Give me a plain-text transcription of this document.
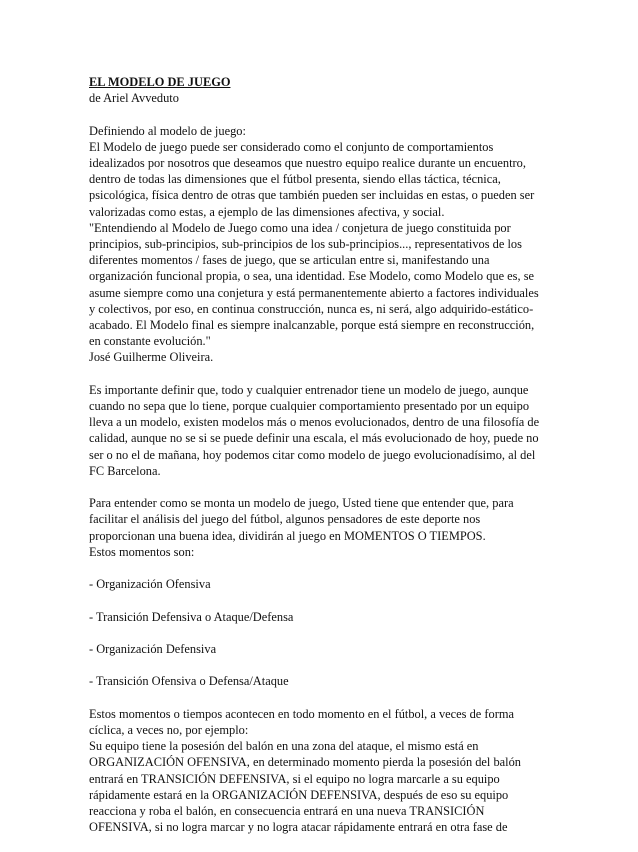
EL MODELO DE JUEGO
de Ariel Avveduto
Definiendo al modelo de juego:
El Modelo de juego puede ser considerado como el conjunto de comportamientos
idealizados por nosotros que deseamos que nuestro equipo realice durante un encuentro,
dentro de todas las dimensiones que el fútbol presenta, siendo ellas táctica, técnica,
psicológica, física dentro de otras que también pueden ser incluidas en estas, o pueden ser
valorizadas como estas, a ejemplo de las dimensiones afectiva, y social.
"Entendiendo al Modelo de Juego como una idea / conjetura de juego constituida por
principios, sub-principios, sub-principios de los sub-principios..., representativos de los
diferentes momentos / fases de juego, que se articulan entre si, manifestando una
organización funcional propia, o sea, una identidad. Ese Modelo, como Modelo que es, se
asume siempre como una conjetura y está permanentemente abierto a factores individuales
y colectivos, por eso, en continua construcción, nunca es, ni será, algo adquirido-estático-
acabado. El Modelo final es siempre inalcanzable, porque está siempre en reconstrucción,
en constante evolución."
José Guilherme Oliveira.
Es importante definir que, todo y cualquier entrenador tiene un modelo de juego, aunque
cuando no sepa que lo tiene, porque cualquier comportamiento presentado por un equipo
lleva a un modelo, existen modelos más o menos evolucionados, dentro de una filosofía de
calidad, aunque no se si se puede definir una escala, el más evolucionado de hoy, puede no
ser o no el de mañana, hoy podemos citar como modelo de juego evolucionadísimo, al del
FC Barcelona.
Para entender como se monta un modelo de juego, Usted tiene que entender que, para
facilitar el análisis del juego del fútbol, algunos pensadores de este deporte nos
proporcionan una buena idea, dividirán al juego en MOMENTOS O TIEMPOS.
Estos momentos son:
- Organización Ofensiva
- Transición Defensiva o Ataque/Defensa
- Organización Defensiva
- Transición Ofensiva o Defensa/Ataque
Estos momentos o tiempos acontecen en todo momento en el fútbol, a veces de forma
cíclica, a veces no, por ejemplo:
Su equipo tiene la posesión del balón en una zona del ataque, el mismo está en
ORGANIZACIÓN OFENSIVA, en determinado momento pierda la posesión del balón
entrará en TRANSICIÓN DEFENSIVA, si el equipo no logra marcarle a su equipo
rápidamente estará en la ORGANIZACIÓN DEFENSIVA, después de eso su equipo
reacciona y roba el balón, en consecuencia entrará en una nueva TRANSICIÓN
OFENSIVA, si no logra marcar y no logra atacar rápidamente entrará en otra fase de
